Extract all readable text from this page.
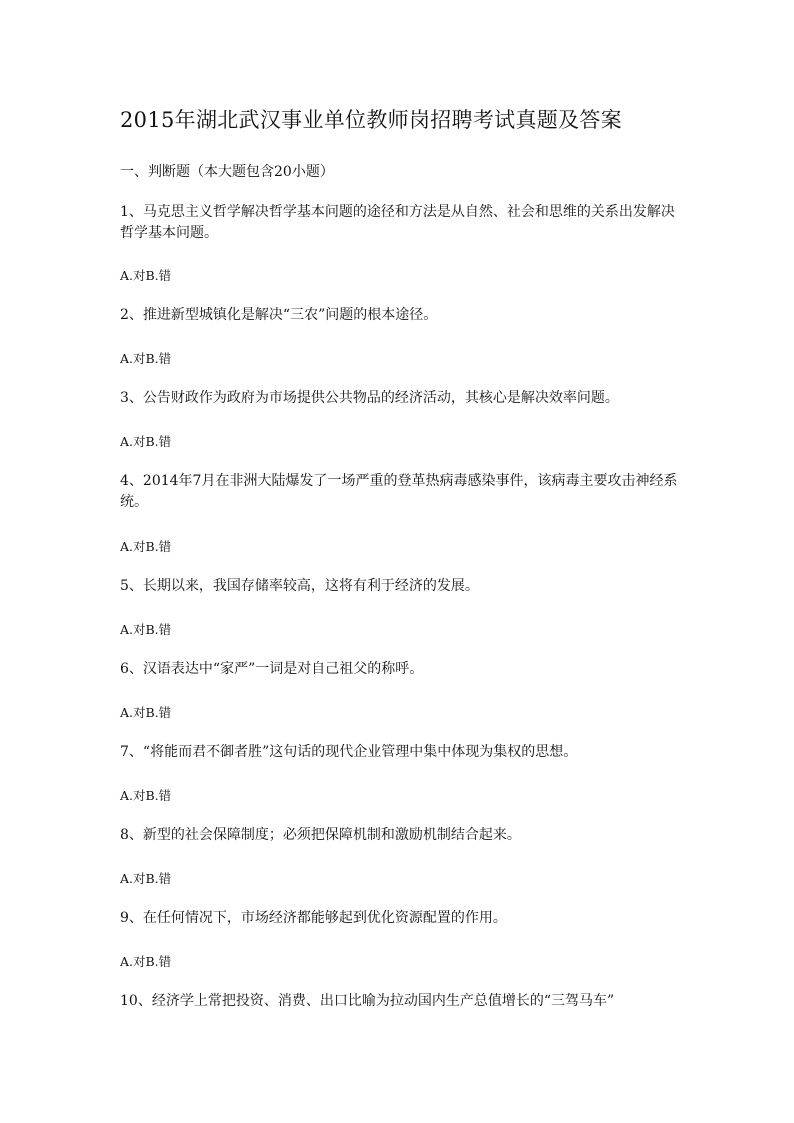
2015年湖北武汉事业单位教师岗招聘考试真题及答案
一、判断题（本大题包含20小题）
1、马克思主义哲学解决哲学基本问题的途径和方法是从自然、社会和思维的关系出发解决哲学基本问题。
A.对B.错
2、推进新型城镇化是解决“三农”问题的根本途径。
A.对B.错
3、公告财政作为政府为市场提供公共物品的经济活动，其核心是解决效率问题。
A.对B.错
4、2014年7月在非洲大陆爆发了一场严重的登革热病毒感染事件，该病毒主要攻击神经系统。
A.对B.错
5、长期以来，我国存储率较高，这将有利于经济的发展。
A.对B.错
6、汉语表达中“家严”一词是对自己祖父的称呼。
A.对B.错
7、“将能而君不御者胜”这句话的现代企业管理中集中体现为集权的思想。
A.对B.错
8、新型的社会保障制度；必须把保障机制和激励机制结合起来。
A.对B.错
9、在任何情况下，市场经济都能够起到优化资源配置的作用。
A.对B.错
10、经济学上常把投资、消费、出口比喻为拉动国内生产总值增长的“三驾马车”
